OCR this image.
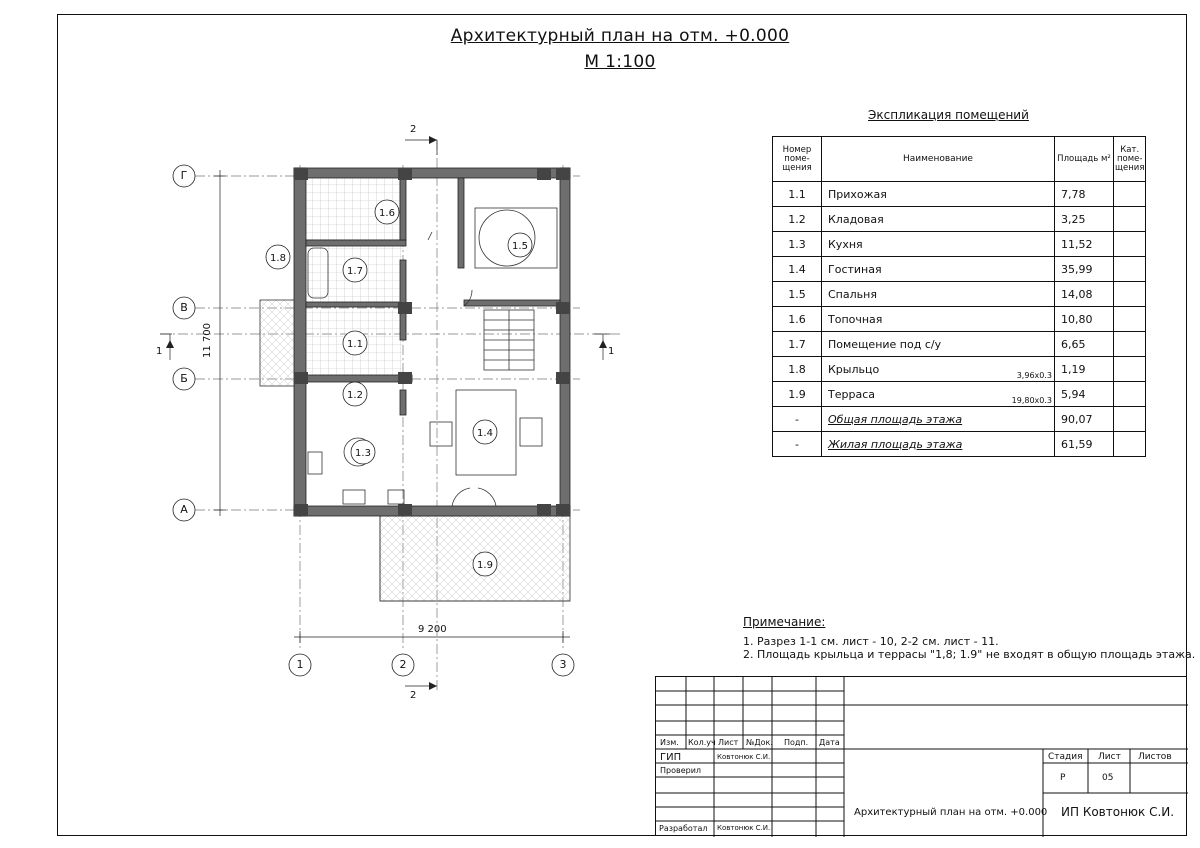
Архитектурный план на отм. +0.000
М 1:100
1.1
1.2
1.3
1.4
1.5
1.6
1.7
1.8
1.9
Г
В
Б
А
1	2	3
11 700
9 200
1	1
2
2
Экспликация помещений
Номер поме-щения	Наименование	Площадь м²	Кат. поме-щения
1.1	Прихожая	7,78	
1.2	Кладовая	3,25	
1.3	Кухня	11,52	
1.4	Гостиная	35,99	
1.5	Спальня	14,08	
1.6	Топочная	10,80	
1.7	Помещение под с/у	6,65	
1.8	Крыльцо 3,96х0.3	1,19	
1.9	Терраса 19,80х0.3	5,94	
-	Общая площадь этажа	90,07	
-	Жилая площадь этажа	61,59	
Примечание:
1. Разрез 1-1 см. лист - 10, 2-2 см. лист - 11.
2. Площадь крыльца и террасы "1,8; 1.9" не входят в общую площадь этажа.
Изм. Кол.уч Лист №Док. Подп. Дата
ГИП
Проверил
Разработал
Ковтонюк С.И.
Ковтонюк С.И.
Стадия Лист Листов
Р	05
Архитектурный план на отм. +0.000 ИП Ковтонюк С.И.
